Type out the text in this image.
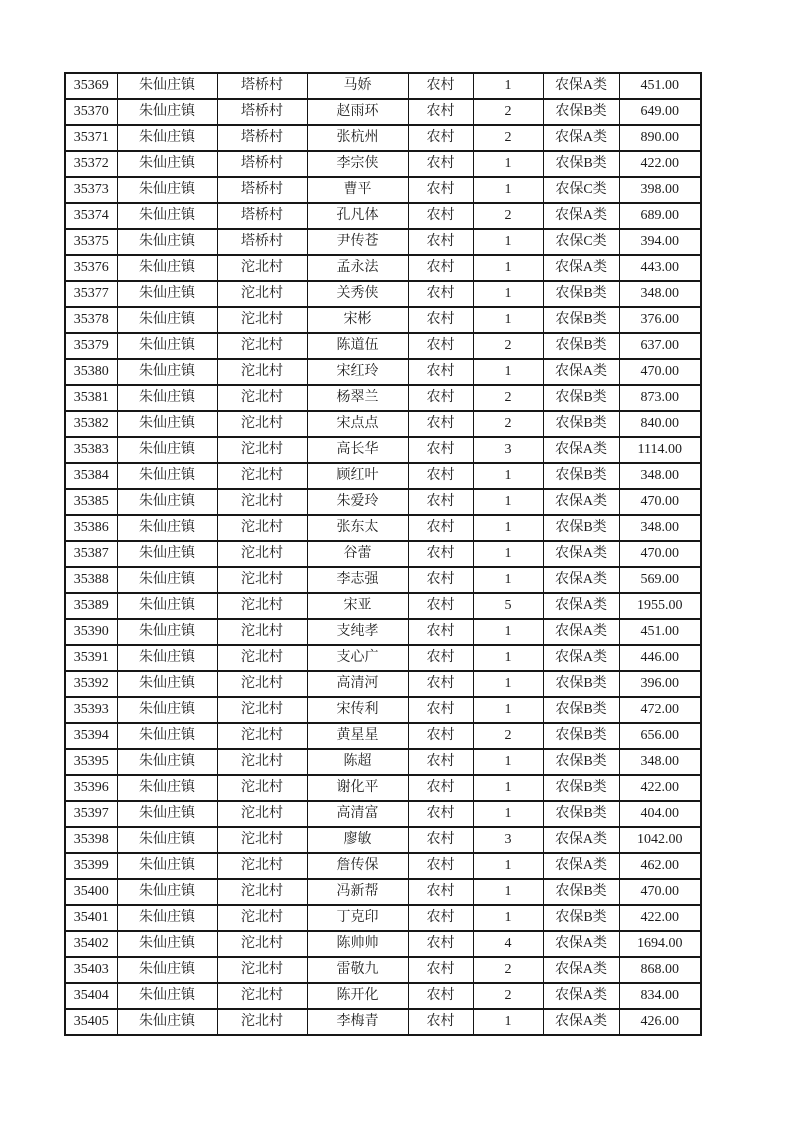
35369	朱仙庄镇	塔桥村	马娇	农村	1	农保A类	451.00
35370	朱仙庄镇	塔桥村	赵雨环	农村	2	农保B类	649.00
35371	朱仙庄镇	塔桥村	张杭州	农村	2	农保A类	890.00
35372	朱仙庄镇	塔桥村	李宗侠	农村	1	农保B类	422.00
35373	朱仙庄镇	塔桥村	曹平	农村	1	农保C类	398.00
35374	朱仙庄镇	塔桥村	孔凡体	农村	2	农保A类	689.00
35375	朱仙庄镇	塔桥村	尹传苍	农村	1	农保C类	394.00
35376	朱仙庄镇	沱北村	孟永法	农村	1	农保A类	443.00
35377	朱仙庄镇	沱北村	关秀侠	农村	1	农保B类	348.00
35378	朱仙庄镇	沱北村	宋彬	农村	1	农保B类	376.00
35379	朱仙庄镇	沱北村	陈道伍	农村	2	农保B类	637.00
35380	朱仙庄镇	沱北村	宋红玲	农村	1	农保A类	470.00
35381	朱仙庄镇	沱北村	杨翠兰	农村	2	农保B类	873.00
35382	朱仙庄镇	沱北村	宋点点	农村	2	农保B类	840.00
35383	朱仙庄镇	沱北村	高长华	农村	3	农保A类	1114.00
35384	朱仙庄镇	沱北村	顾红叶	农村	1	农保B类	348.00
35385	朱仙庄镇	沱北村	朱爱玲	农村	1	农保A类	470.00
35386	朱仙庄镇	沱北村	张东太	农村	1	农保B类	348.00
35387	朱仙庄镇	沱北村	谷蕾	农村	1	农保A类	470.00
35388	朱仙庄镇	沱北村	李志强	农村	1	农保A类	569.00
35389	朱仙庄镇	沱北村	宋亚	农村	5	农保A类	1955.00
35390	朱仙庄镇	沱北村	支纯孝	农村	1	农保A类	451.00
35391	朱仙庄镇	沱北村	支心广	农村	1	农保A类	446.00
35392	朱仙庄镇	沱北村	高清河	农村	1	农保B类	396.00
35393	朱仙庄镇	沱北村	宋传利	农村	1	农保B类	472.00
35394	朱仙庄镇	沱北村	黄星星	农村	2	农保B类	656.00
35395	朱仙庄镇	沱北村	陈超	农村	1	农保B类	348.00
35396	朱仙庄镇	沱北村	谢化平	农村	1	农保B类	422.00
35397	朱仙庄镇	沱北村	高清富	农村	1	农保B类	404.00
35398	朱仙庄镇	沱北村	廖敏	农村	3	农保A类	1042.00
35399	朱仙庄镇	沱北村	詹传保	农村	1	农保A类	462.00
35400	朱仙庄镇	沱北村	冯新帮	农村	1	农保B类	470.00
35401	朱仙庄镇	沱北村	丁克印	农村	1	农保B类	422.00
35402	朱仙庄镇	沱北村	陈帅帅	农村	4	农保A类	1694.00
35403	朱仙庄镇	沱北村	雷敬九	农村	2	农保A类	868.00
35404	朱仙庄镇	沱北村	陈开化	农村	2	农保A类	834.00
35405	朱仙庄镇	沱北村	李梅青	农村	1	农保A类	426.00
